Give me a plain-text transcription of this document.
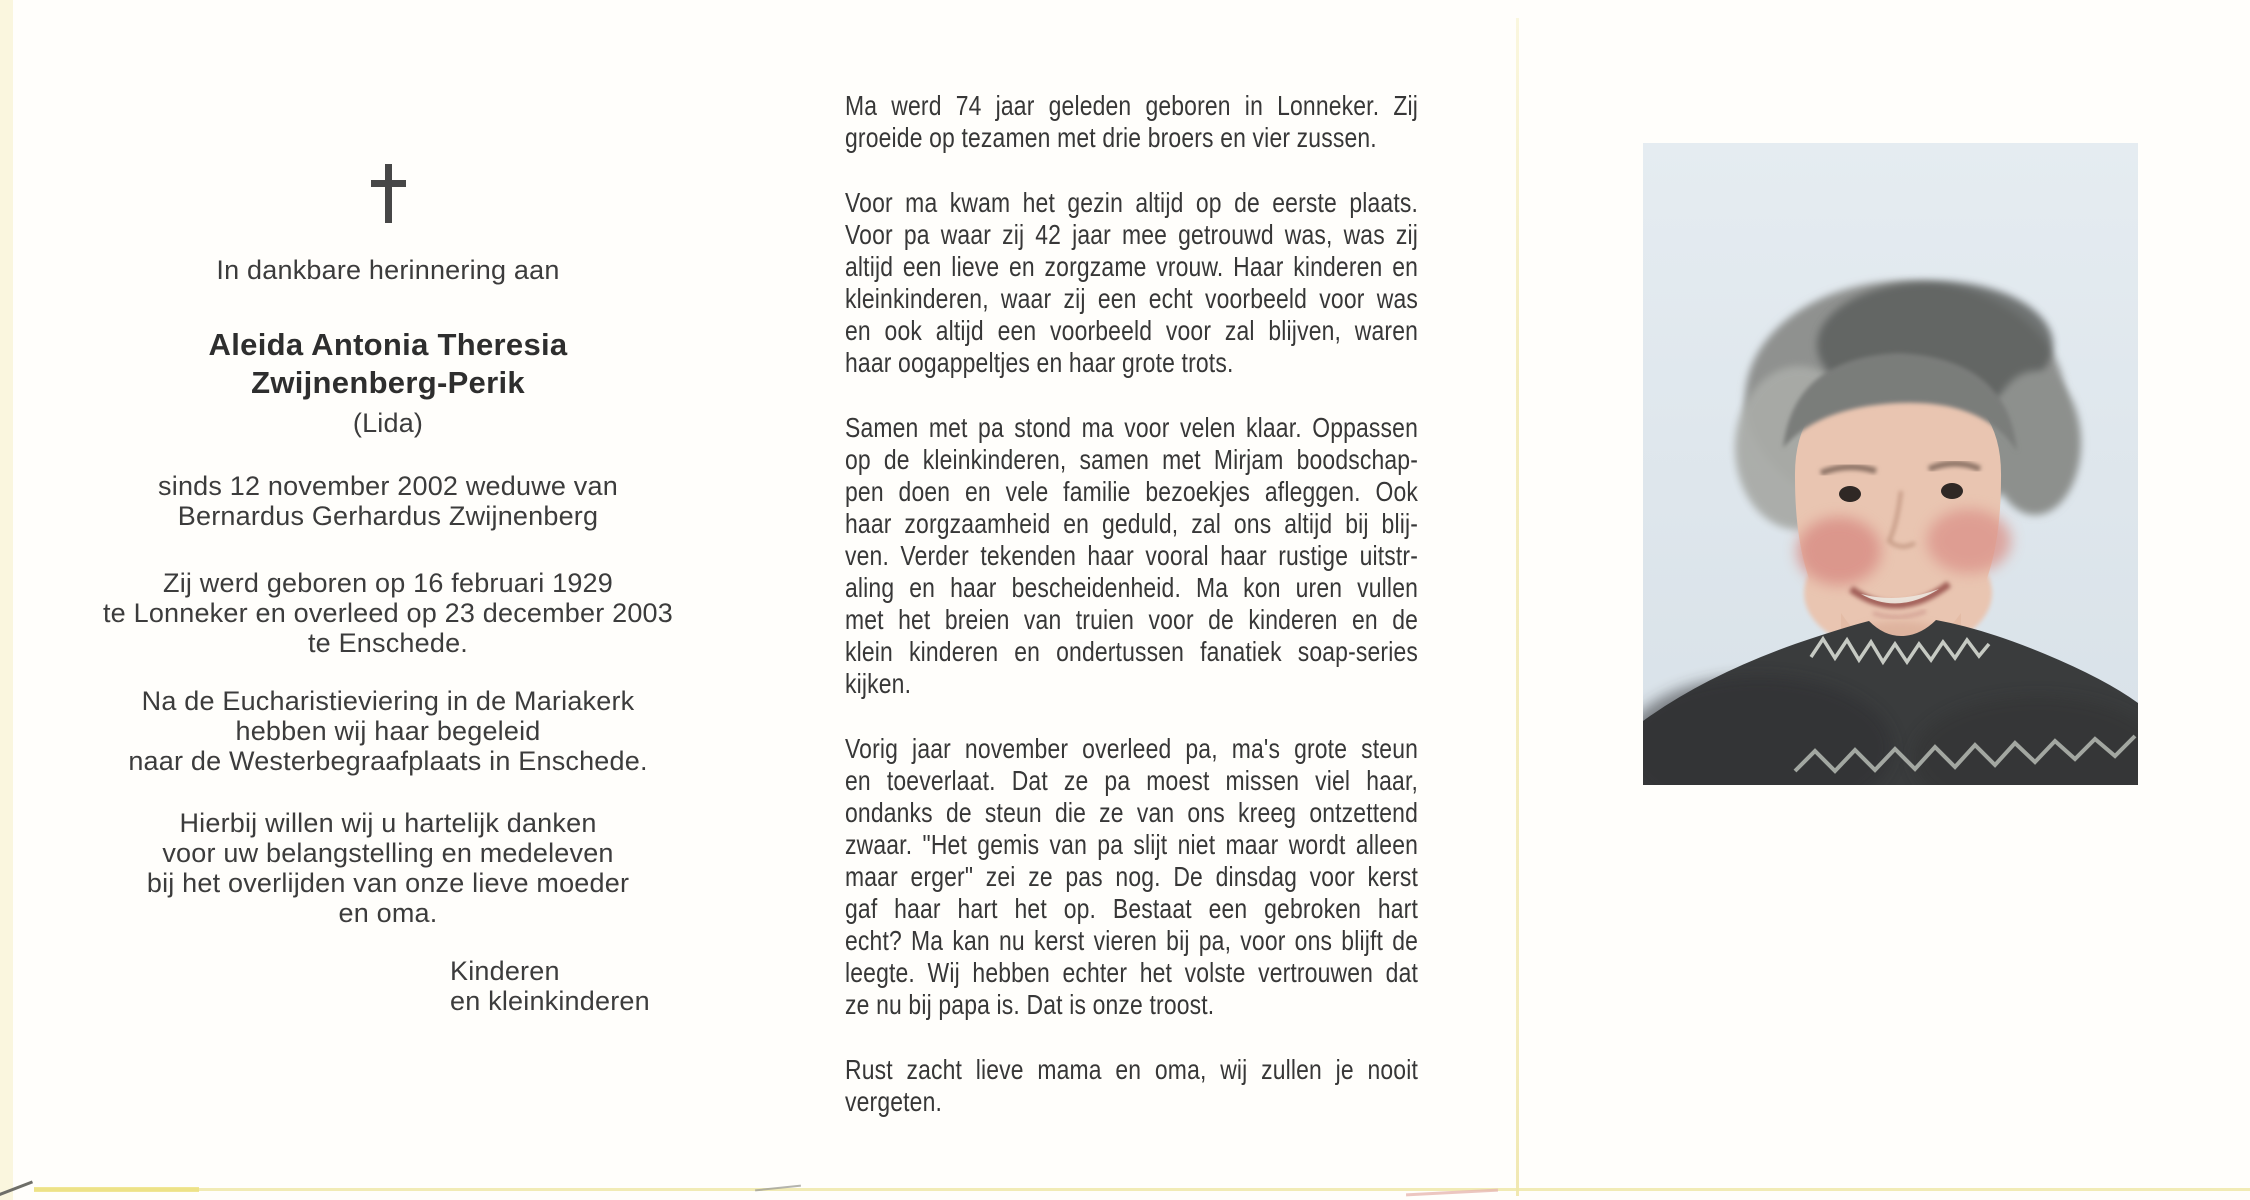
In dankbare herinnering aan
Aleida Antonia Theresia
Zwijnenberg-Perik
(Lida)
sinds 12 november 2002 weduwe van
Bernardus Gerhardus Zwijnenberg
Zij werd geboren op 16 februari 1929
te Lonneker en overleed op 23 december 2003
te Enschede.
Na de Eucharistieviering in de Mariakerk
hebben wij haar begeleid
naar de Westerbegraafplaats in Enschede.
Hierbij willen wij u hartelijk danken
voor uw belangstelling en medeleven
bij het overlijden van onze lieve moeder
en oma.
Kinderen
en kleinkinderen
Ma werd 74 jaar geleden geboren in Lonneker. Zij
groeide op tezamen met drie broers en vier zussen.
Voor ma kwam het gezin altijd op de eerste plaats.
Voor pa waar zij 42 jaar mee getrouwd was, was zij
altijd een lieve en zorgzame vrouw. Haar kinderen en
kleinkinderen, waar zij een echt voorbeeld voor was
en ook altijd een voorbeeld voor zal blijven, waren
haar oogappeltjes en haar grote trots.
Samen met pa stond ma voor velen klaar. Oppassen
op de kleinkinderen, samen met Mirjam boodschap-
pen doen en vele familie bezoekjes afleggen. Ook
haar zorgzaamheid en geduld, zal ons altijd bij blij-
ven. Verder tekenden haar vooral haar rustige uitstr-
aling en haar bescheidenheid. Ma kon uren vullen
met het breien van truien voor de kinderen en de
klein kinderen en ondertussen fanatiek soap-series
kijken.
Vorig jaar november overleed pa, ma's grote steun
en toeverlaat. Dat ze pa moest missen viel haar,
ondanks de steun die ze van ons kreeg ontzettend
zwaar. "Het gemis van pa slijt niet maar wordt alleen
maar erger" zei ze pas nog. De dinsdag voor kerst
gaf haar hart het op. Bestaat een gebroken hart
echt? Ma kan nu kerst vieren bij pa, voor ons blijft de
leegte. Wij hebben echter het volste vertrouwen dat
ze nu bij papa is. Dat is onze troost.
Rust zacht lieve mama en oma, wij zullen je nooit
vergeten.
